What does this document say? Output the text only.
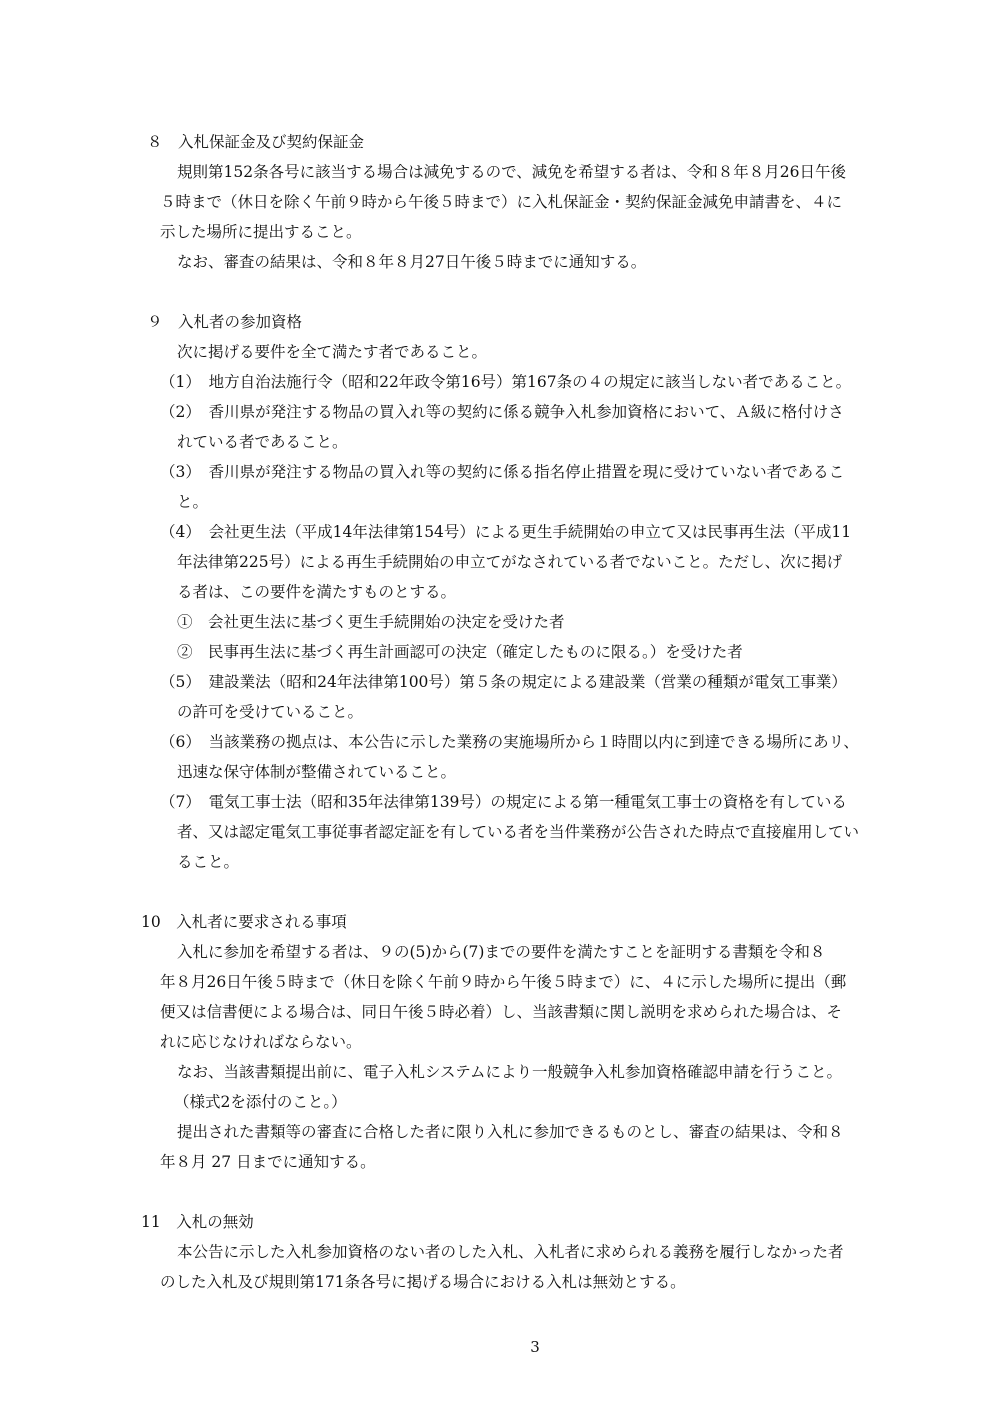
８　入札保証金及び契約保証金
規則第152条各号に該当する場合は減免するので、減免を希望する者は、令和８年８月26日午後
５時まで（休日を除く午前９時から午後５時まで）に入札保証金・契約保証金減免申請書を、４に
示した場所に提出すること。
なお、審査の結果は、令和８年８月27日午後５時までに通知する。
９　入札者の参加資格
次に掲げる要件を全て満たす者であること。
（1）　地方自治法施行令（昭和22年政令第16号）第167条の４の規定に該当しない者であること。
（2）　香川県が発注する物品の買入れ等の契約に係る競争入札参加資格において、Ａ級に格付けさ
れている者であること。
（3）　香川県が発注する物品の買入れ等の契約に係る指名停止措置を現に受けていない者であるこ
と。
（4）　会社更生法（平成14年法律第154号）による更生手続開始の申立て又は民事再生法（平成11
年法律第225号）による再生手続開始の申立てがなされている者でないこと。ただし、次に掲げ
る者は、この要件を満たすものとする。
①　会社更生法に基づく更生手続開始の決定を受けた者
②　民事再生法に基づく再生計画認可の決定（確定したものに限る。）を受けた者
（5）　建設業法（昭和24年法律第100号）第５条の規定による建設業（営業の種類が電気工事業）
の許可を受けていること。
（6）　当該業務の拠点は、本公告に示した業務の実施場所から１時間以内に到達できる場所にあリ、
迅速な保守体制が整備されていること。
（7）　電気工事士法（昭和35年法律第139号）の規定による第一種電気工事士の資格を有している
者、又は認定電気工事従事者認定証を有している者を当件業務が公告された時点で直接雇用してい
ること。
10　入札者に要求される事項
入札に参加を希望する者は、９の(5)から(7)までの要件を満たすことを証明する書類を令和８
年８月26日午後５時まで（休日を除く午前９時から午後５時まで）に、４に示した場所に提出（郵
便又は信書便による場合は、同日午後５時必着）し、当該書類に関し説明を求められた場合は、そ
れに応じなければならない。
なお、当該書類提出前に、電子入札システムにより一般競争入札参加資格確認申請を行うこと。
（様式2を添付のこと。）
提出された書類等の審査に合格した者に限り入札に参加できるものとし、審査の結果は、令和８
年８月 27 日までに通知する。
11　入札の無効
本公告に示した入札参加資格のない者のした入札、入札者に求められる義務を履行しなかった者
のした入札及び規則第171条各号に掲げる場合における入札は無効とする。
3
